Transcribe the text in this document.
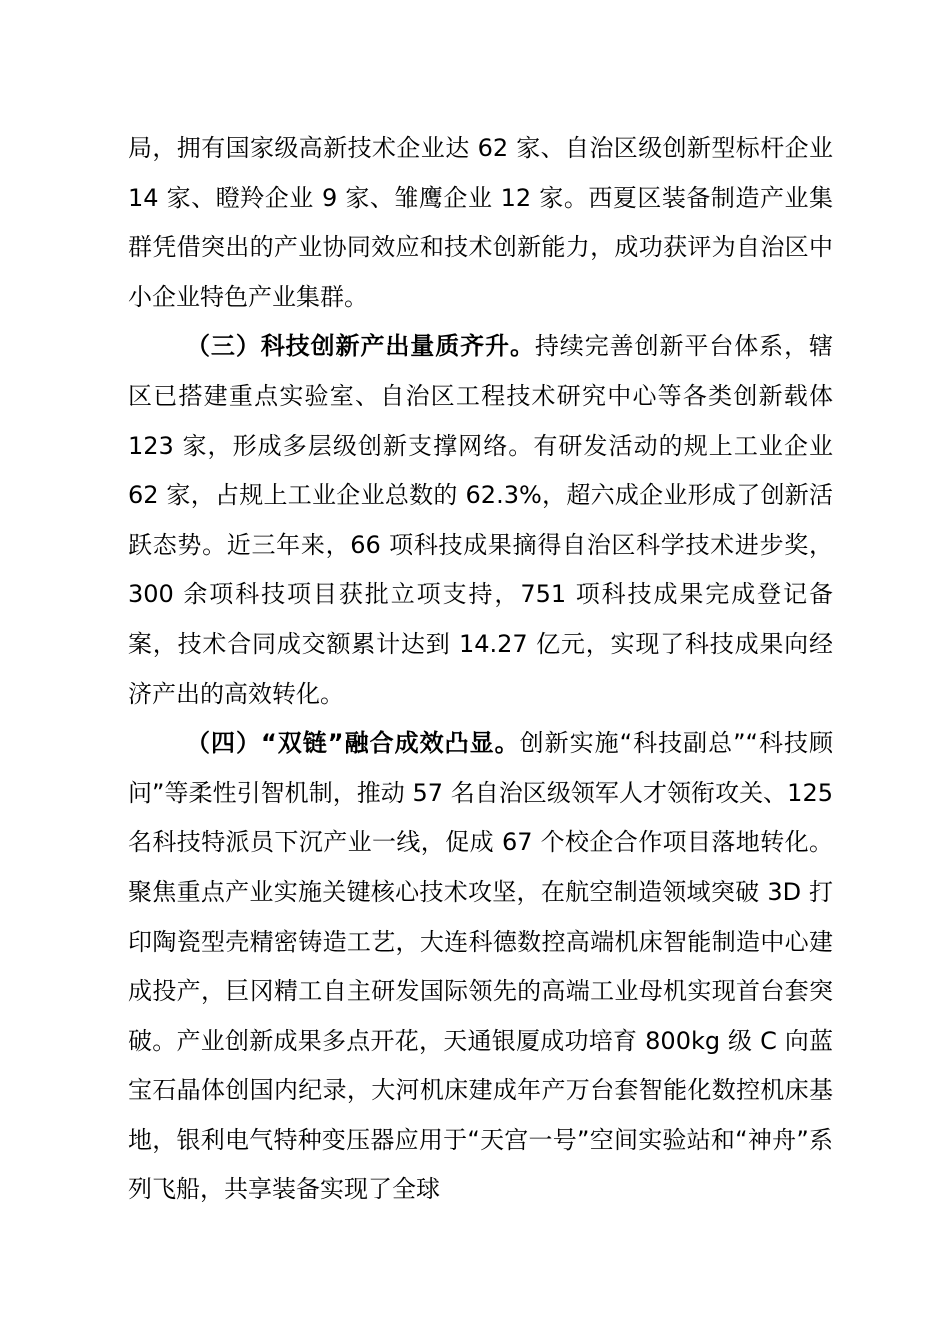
局，拥有国家级高新技术企业达 62 家、自治区级创新型标杆企业 14 家、瞪羚企业 9 家、雏鹰企业 12 家。西夏区装备制造产业集群凭借突出的产业协同效应和技术创新能力，成功获评为自治区中小企业特色产业集群。

（三）科技创新产出量质齐升。持续完善创新平台体系，辖区已搭建重点实验室、自治区工程技术研究中心等各类创新载体 123 家，形成多层级创新支撑网络。有研发活动的规上工业企业 62 家，占规上工业企业总数的 62.3%，超六成企业形成了创新活跃态势。近三年来，66 项科技成果摘得自治区科学技术进步奖，300 余项科技项目获批立项支持，751 项科技成果完成登记备案，技术合同成交额累计达到 14.27 亿元，实现了科技成果向经济产出的高效转化。

（四）“双链”融合成效凸显。创新实施“科技副总”“科技顾问”等柔性引智机制，推动 57 名自治区级领军人才领衔攻关、125 名科技特派员下沉产业一线，促成 67 个校企合作项目落地转化。聚焦重点产业实施关键核心技术攻坚，在航空制造领域突破 3D 打印陶瓷型壳精密铸造工艺，大连科德数控高端机床智能制造中心建成投产，巨冈精工自主研发国际领先的高端工业母机实现首台套突破。产业创新成果多点开花，天通银厦成功培育 800kg 级 C 向蓝宝石晶体创国内纪录，大河机床建成年产万台套智能化数控机床基地，银利电气特种变压器应用于“天宫一号”空间实验站和“神舟”系列飞船，共享装备实现了全球
